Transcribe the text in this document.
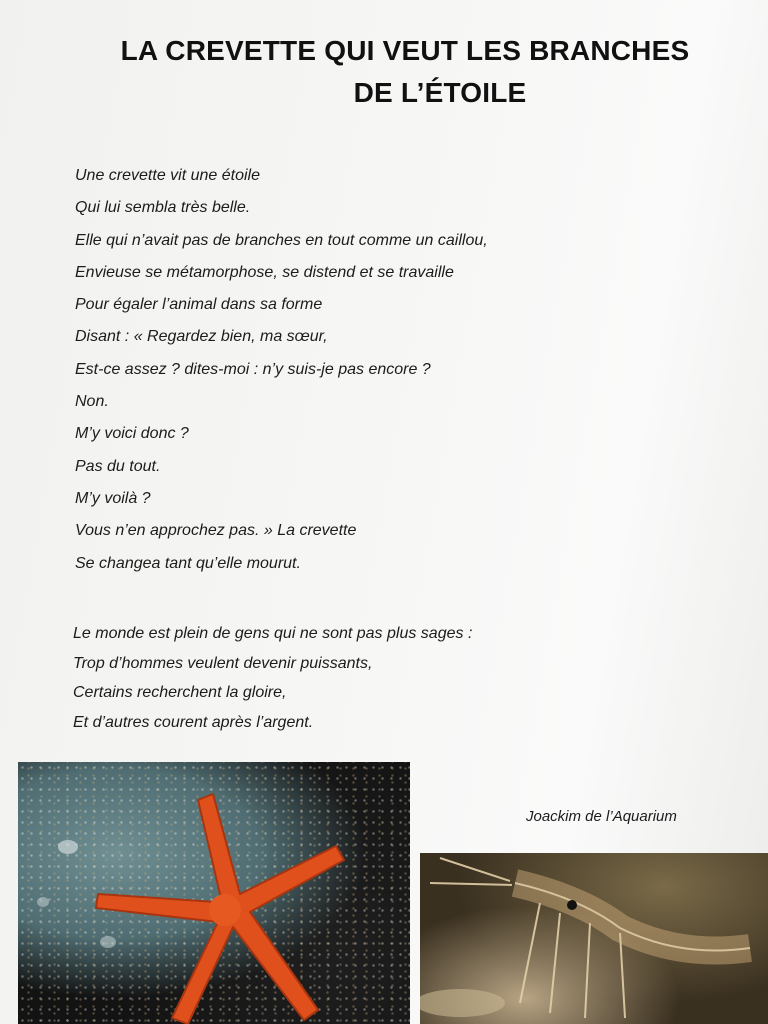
LA CREVETTE QUI VEUT LES BRANCHES
DE L’ÉTOILE
Une crevette vit une étoile
Qui lui sembla très belle.
Elle qui n’avait pas de branches en tout comme un caillou,
Envieuse se métamorphose, se distend et se travaille
Pour égaler l’animal dans sa forme
Disant : « Regardez bien, ma sœur,
Est-ce assez ? dites-moi : n’y suis-je pas encore ?
Non.
M’y voici donc ?
Pas du tout.
M’y voilà ?
Vous n’en approchez pas. » La crevette
Se changea tant qu’elle mourut.
Le monde est plein de gens qui ne sont pas plus sages :
Trop d’hommes veulent devenir puissants,
Certains recherchent la gloire,
Et d’autres courent après l’argent.
Joackim de l’Aquarium
